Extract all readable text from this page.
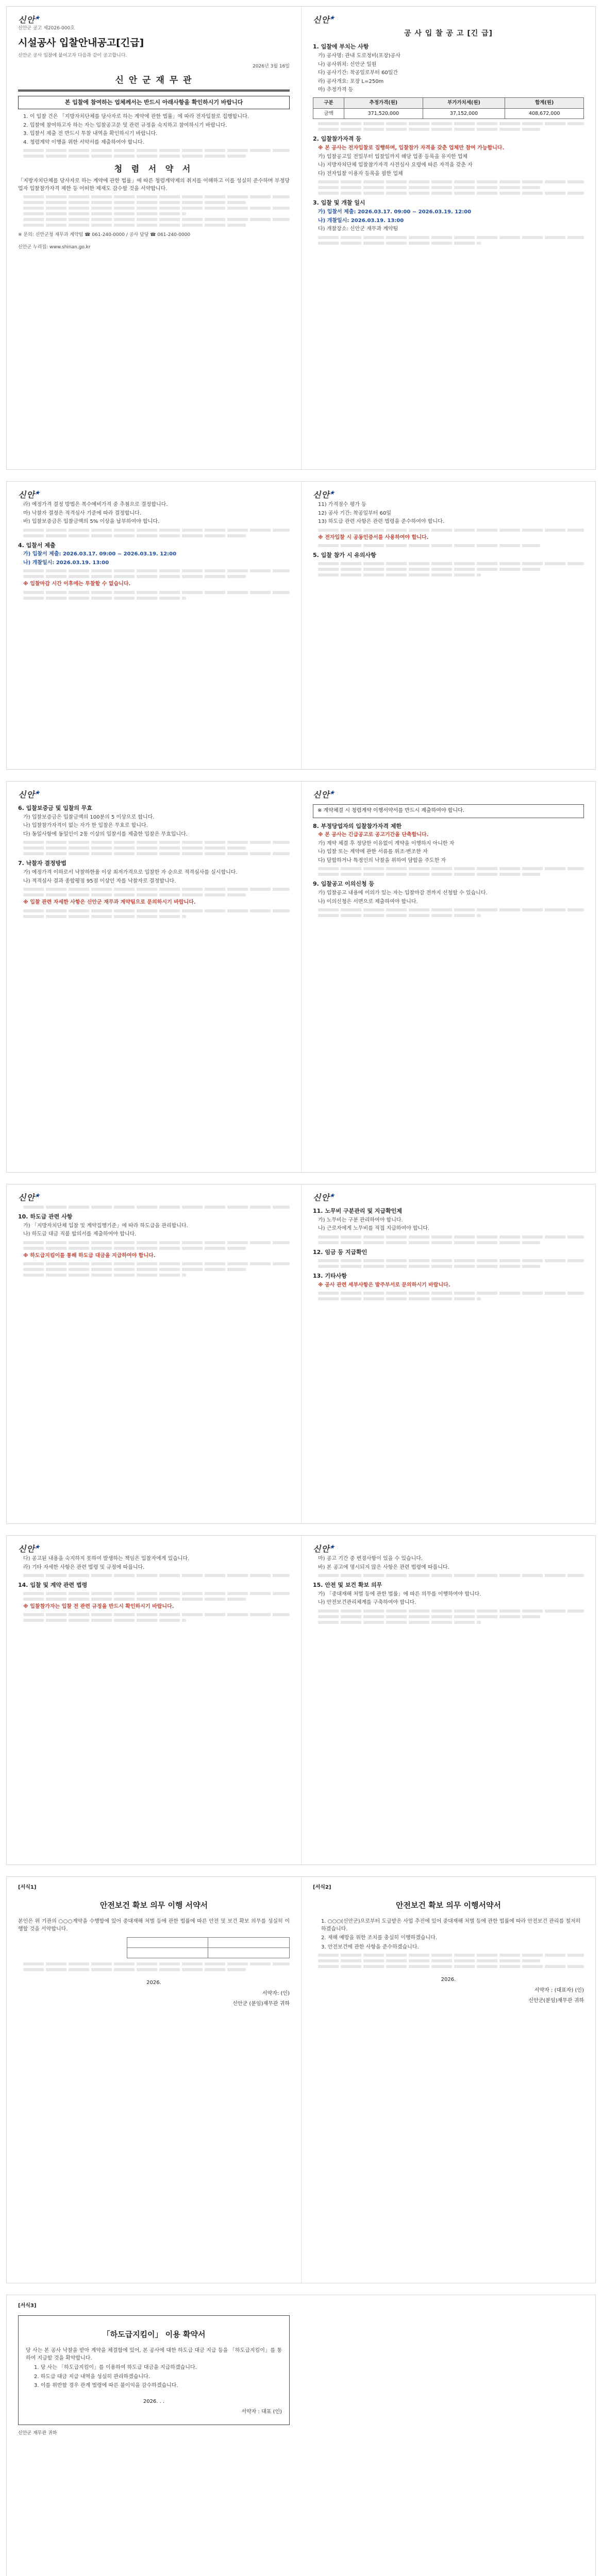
신안★
신안군 공고 제2026-000호
시설공사 입찰안내공고[긴급]
신안군 공사 입찰에 붙이고자 다음과 같이 공고합니다.
2026년 3월 16일
신 안 군 재 무 관
본 입찰에 참여하는 업체께서는 반드시 아래사항을 확인하시기 바랍니다
1. 이 입찰 건은 「지방자치단체를 당사자로 하는 계약에 관한 법률」에 따라 전자입찰로 집행합니다.
2. 입찰에 참여하고자 하는 자는 입찰공고문 및 관련 규정을 숙지하고 참여하시기 바랍니다.
3. 입찰서 제출 전 반드시 투찰 내역을 확인하시기 바랍니다.
4. 청렴계약 이행을 위한 서약서를 제출하여야 합니다.
청 렴 서 약 서

「지방자치단체를 당사자로 하는 계약에 관한 법률」에 따른 청렴계약제의 취지를 이해하고 이를 성실히 준수하며 부정당업자 입찰참가자격 제한 등 어떠한 제재도 감수할 것을 서약합니다.

※ 문의: 신안군청 재무과 계약팀 ☎ 061-240-0000 / 공사 담당 ☎ 061-240-0000
신안군 누리집: www.shinan.go.kr
신안★
공 사 입 찰 공 고 [긴 급]
1. 입찰에 부치는 사항
가) 공사명: 관내 도로정비(포장)공사
나) 공사위치: 신안군 일원
다) 공사기간: 착공일로부터 60일간
라) 공사개요: 포장 L=250m
마) 추정가격 등
구분	추정가격(원)	부가가치세(원)	합계(원)
금액	371,520,000	37,152,000	408,672,000
2. 입찰참가자격 등
※ 본 공사는 전자입찰로 집행하며, 입찰참가 자격을 갖춘 업체만 참여 가능합니다.
가) 입찰공고일 전일부터 입찰일까지 해당 업종 등록을 유지한 업체
나) 지방자치단체 입찰참가자격 사전심사 요령에 따른 자격을 갖춘 자
다) 전자입찰 이용자 등록을 필한 업체
3. 입찰 및 개찰 일시
가) 입찰서 제출: 2026.03.17. 09:00 ~ 2026.03.19. 12:00
나) 개찰일시: 2026.03.19. 13:00
다) 개찰장소: 신안군 재무과 계약팀
신안★
라) 예정가격 결정 방법은 복수예비가격 중 추첨으로 결정합니다.
마) 낙찰자 결정은 적격심사 기준에 따라 결정합니다.
바) 입찰보증금은 입찰금액의 5% 이상을 납부하여야 합니다.
4. 입찰서 제출
가) 입찰서 제출: 2026.03.17. 09:00 ~ 2026.03.19. 12:00
나) 개찰일시: 2026.03.19. 13:00
※ 입찰마감 시간 이후에는 투찰할 수 없습니다.
신안★
11) 가격점수 평가 등
12) 공사 기간: 착공일부터 60일
13) 하도급 관련 사항은 관련 법령을 준수하여야 합니다.
※ 전자입찰 시 공동인증서를 사용하여야 합니다.
5. 입찰 참가 시 유의사항
신안★
6. 입찰보증금 및 입찰의 무효
가) 입찰보증금은 입찰금액의 100분의 5 이상으로 합니다.
나) 입찰참가자격이 없는 자가 한 입찰은 무효로 합니다.
다) 동일사항에 동일인이 2통 이상의 입찰서를 제출한 입찰은 무효입니다.
7. 낙찰자 결정방법
가) 예정가격 이하로서 낙찰하한율 이상 최저가격으로 입찰한 자 순으로 적격심사를 실시합니다.
나) 적격심사 결과 종합평점 95점 이상인 자를 낙찰자로 결정합니다.
※ 입찰 관련 자세한 사항은 신안군 재무과 계약팀으로 문의하시기 바랍니다.
신안★
※ 계약체결 시 청렴계약 이행서약서를 반드시 제출하여야 합니다.
8. 부정당업자의 입찰참가자격 제한
※ 본 공사는 긴급공고로 공고기간을 단축합니다.
가) 계약 체결 후 정당한 이유없이 계약을 이행하지 아니한 자
나) 입찰 또는 계약에 관한 서류를 위조·변조한 자
다) 담합하거나 특정인의 낙찰을 위하여 담합을 주도한 자
9. 입찰공고 이의신청 등
가) 입찰공고 내용에 이의가 있는 자는 입찰마감 전까지 신청할 수 있습니다.
나) 이의신청은 서면으로 제출하여야 합니다.
신안★
10. 하도급 관련 사항
가) 「지방자치단체 입찰 및 계약집행기준」에 따라 하도급을 관리합니다.
나) 하도급 대금 직불 합의서를 제출하여야 합니다.
※ 하도급지킴이를 통해 하도급 대금을 지급하여야 합니다.
신안★
11. 노무비 구분관리 및 지급확인제
가) 노무비는 구분 관리하여야 합니다.
나) 근로자에게 노무비를 직접 지급하여야 합니다.
12. 임금 등 지급확인
13. 기타사항
※ 공사 관련 세부사항은 발주부서로 문의하시기 바랍니다.
신안★
다) 공고된 내용을 숙지하지 못하여 발생하는 책임은 입찰자에게 있습니다.
라) 기타 자세한 사항은 관련 법령 및 규정에 따릅니다.
14. 입찰 및 계약 관련 법령
※ 입찰참가자는 입찰 전 관련 규정을 반드시 확인하시기 바랍니다.
신안★
마) 공고 기간 중 변경사항이 있을 수 있습니다.
바) 본 공고에 명시되지 않은 사항은 관련 법령에 따릅니다.
15. 안전 및 보건 확보 의무
가) 「중대재해 처벌 등에 관한 법률」에 따른 의무를 이행하여야 합니다.
나) 안전보건관리체계를 구축하여야 합니다.
[서식1]
안전보건 확보 의무 이행 서약서

본인은 위 기관의 ○○○계약을 수행함에 있어 중대재해 처벌 등에 관한 법률에 따른 안전 및 보건 확보 의무를 성실히 이행할 것을 서약합니다.

2026.
서약자: (인)
신안군 (분임)재무관 귀하
[서식2]
안전보건 확보 의무 이행서약서
1. ○○○(신안군)으로부터 도급받은 사업 추진에 있어 중대재해 처벌 등에 관한 법률에 따라 안전보건 관리를 철저히 하겠습니다.
2. 재해 예방을 위한 조치를 충실히 이행하겠습니다.
3. 안전보건에 관한 사항을 준수하겠습니다.
2026.
서약자 : (대표자) (인)
신안군(분임)재무관 귀하
[서식3]
「하도급지킴이」 이용 확약서

당 사는 본 공사 낙찰을 받아 계약을 체결함에 있어, 본 공사에 대한 하도급 대금 지급 등을 「하도급지킴이」를 통하여 지급할 것을 확약합니다.

1. 당 사는 「하도급지킴이」를 이용하여 하도급 대금을 지급하겠습니다.
2. 하도급 대금 지급 내역을 성실히 관리하겠습니다.
3. 이를 위반할 경우 관계 법령에 따른 불이익을 감수하겠습니다.
2026. . .
서약자 : 대표 (인)
신안군 재무관 귀하
